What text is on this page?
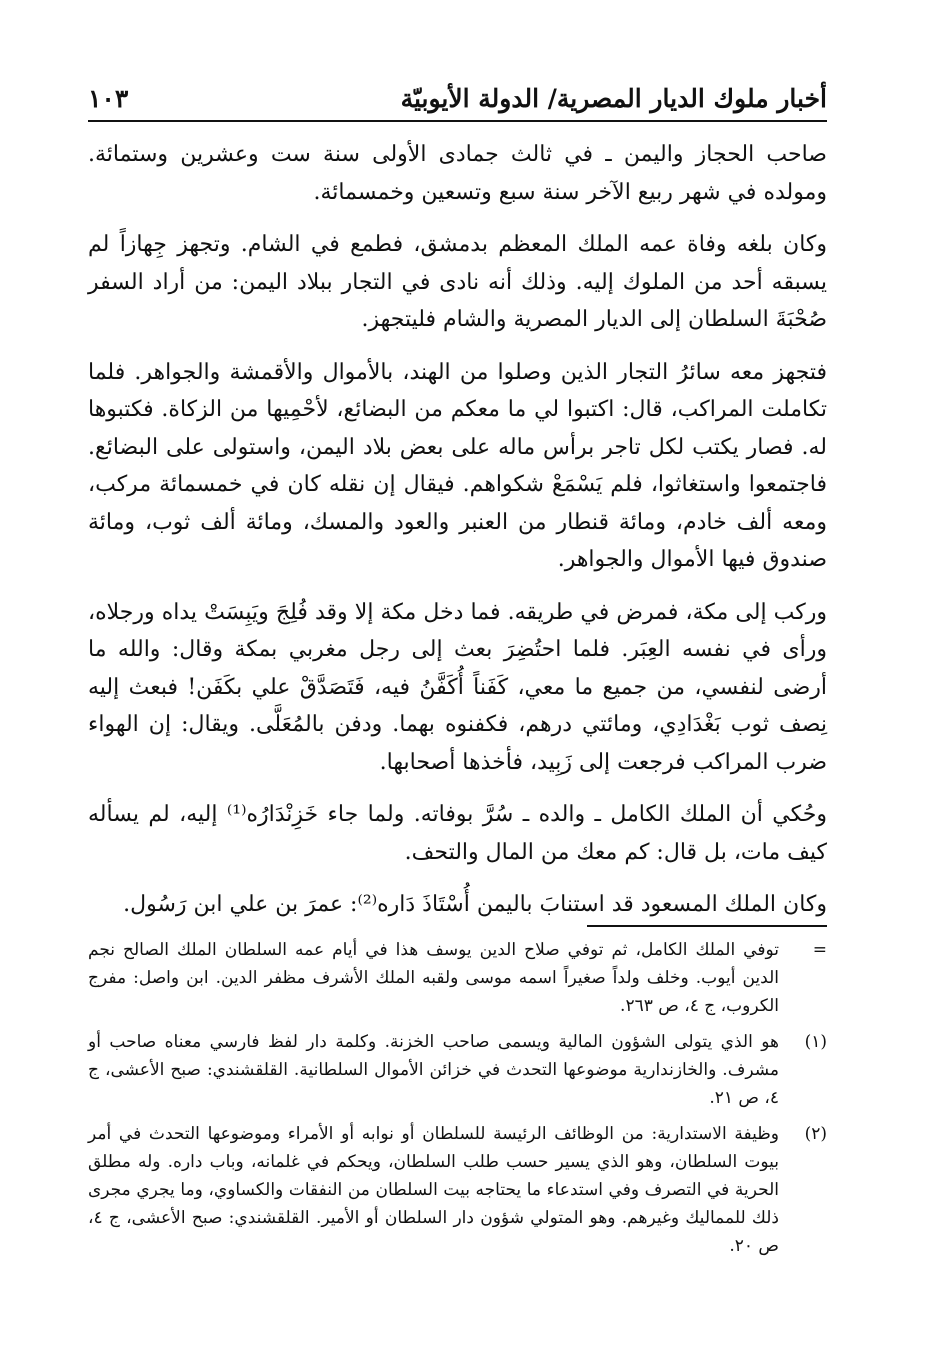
أخبار ملوك الديار المصرية/ الدولة الأيوبيّة
١٠٣

صاحب الحجاز واليمن ـ في ثالث جمادى الأولى سنة ست وعشرين وستمائة. ومولده في شهر ربيع الآخر سنة سبع وتسعين وخمسمائة.

وكان بلغه وفاة عمه الملك المعظم بدمشق، فطمع في الشام. وتجهز جِهازاً لم يسبقه أحد من الملوك إليه. وذلك أنه نادى في التجار ببلاد اليمن: من أراد السفر صُحْبَةَ السلطان إلى الديار المصرية والشام فليتجهز.

فتجهز معه سائرُ التجار الذين وصلوا من الهند، بالأموال والأقمشة والجواهر. فلما تكاملت المراكب، قال: اكتبوا لي ما معكم من البضائع، لأحْمِيها من الزكاة. فكتبوها له. فصار يكتب لكل تاجر برأس ماله على بعض بلاد اليمن، واستولى على البضائع. فاجتمعوا واستغاثوا، فلم يَسْمَعْ شكواهم. فيقال إن نقله كان في خمسمائة مركب، ومعه ألف خادم، ومائة قنطار من العنبر والعود والمسك، ومائة ألف ثوب، ومائة صندوق فيها الأموال والجواهر.

وركب إلى مكة، فمرض في طريقه. فما دخل مكة إلا وقد فُلِجَ ويَبِسَتْ يداه ورجلاه، ورأى في نفسه العِبَر. فلما احتُضِرَ بعث إلى رجل مغربي بمكة وقال: والله ما أرضى لنفسي، من جميع ما معي، كَفَناً أُكَفَّنُ فيه، فَتَصَدَّقْ علي بكَفَن! فبعث إليه نِصف ثوب بَغْدَادِي، ومائتي درهم، فكفنوه بهما. ودفن بالمُعَلَّى. ويقال: إن الهواء ضرب المراكب فرجعت إلى زَبِيد، فأخذها أصحابها.

وحُكي أن الملك الكامل ـ والده ـ سُرَّ بوفاته. ولما جاء خَزِنْدَارُه⁽¹⁾ إليه، لم يسأله كيف مات، بل قال: كم معك من المال والتحف.

وكان الملك المسعود قد استنابَ باليمن أُسْتَاذَ دَاره⁽²⁾: عمرَ بن علي ابن رَسُول.

=
توفي الملك الكامل، ثم توفي صلاح الدين يوسف هذا في أيام عمه السلطان الملك الصالح نجم الدين أيوب. وخلف ولداً صغيراً اسمه موسى ولقبه الملك الأشرف مظفر الدين. ابن واصل: مفرج الكروب، ج ٤، ص ٢٦٣.
(١)
هو الذي يتولى الشؤون المالية ويسمى صاحب الخزنة. وكلمة دار لفظ فارسي معناه صاحب أو مشرف. والخازندارية موضوعها التحدث في خزائن الأموال السلطانية. القلقشندي: صبح الأعشى، ج ٤، ص ٢١.
(٢)
وظيفة الاستدارية: من الوظائف الرئيسة للسلطان أو نوابه أو الأمراء وموضوعها التحدث في أمر بيوت السلطان، وهو الذي يسير حسب طلب السلطان، ويحكم في غلمانه، وباب داره. وله مطلق الحرية في التصرف وفي استدعاء ما يحتاجه بيت السلطان من النفقات والكساوي، وما يجري مجرى ذلك للمماليك وغيرهم. وهو المتولي شؤون دار السلطان أو الأمير. القلقشندي: صبح الأعشى، ج ٤، ص ٢٠.
